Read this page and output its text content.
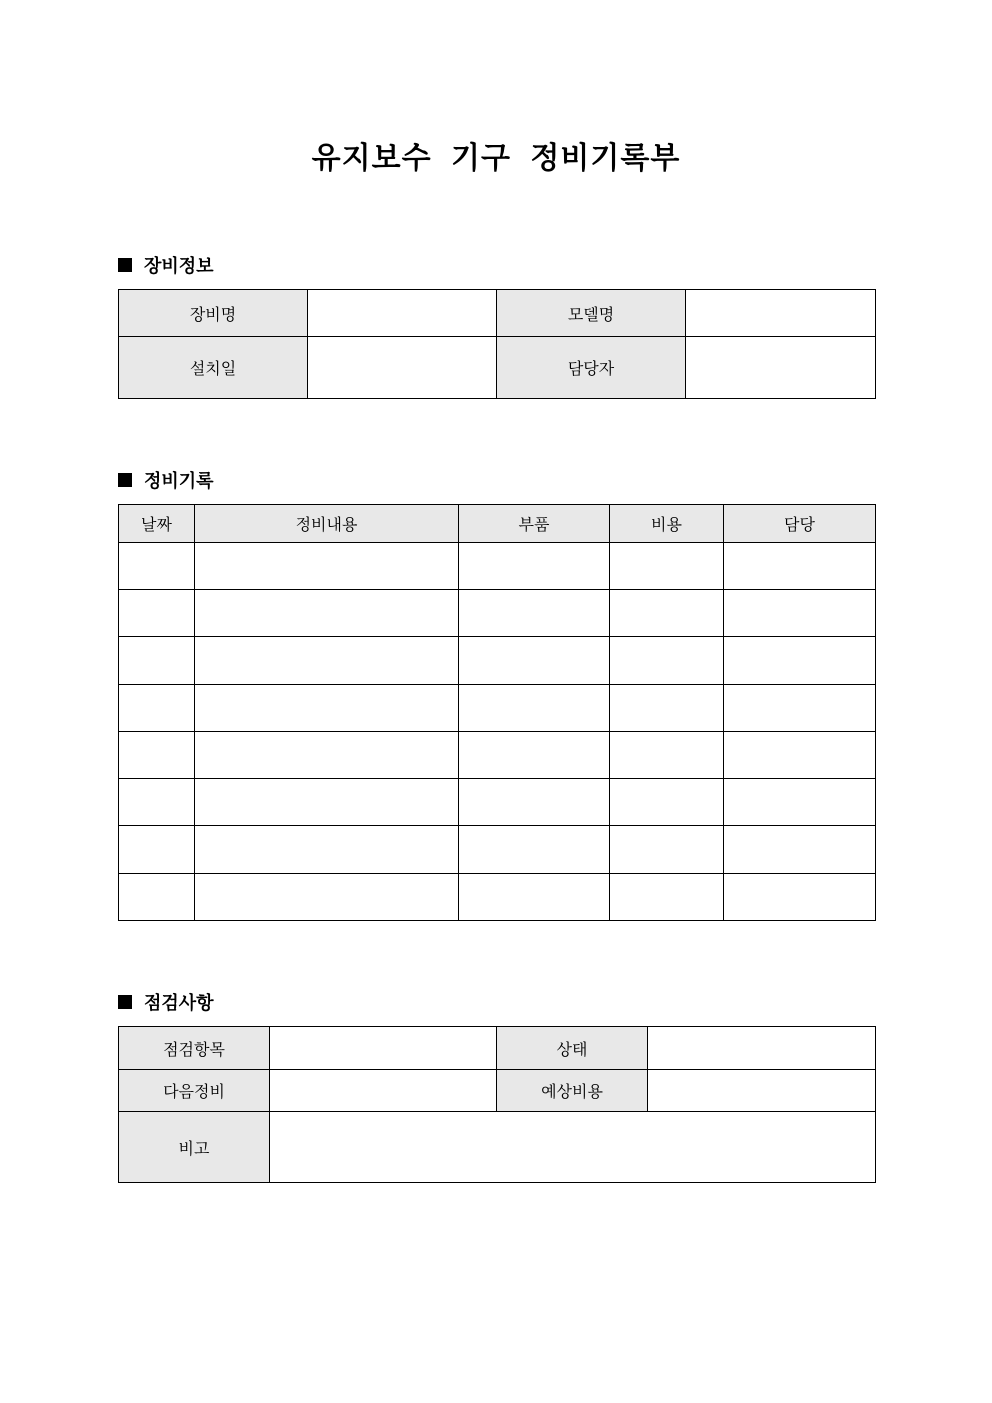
유지보수 기구 정비기록부
장비정보
장비명		모델명	
설치일		담당자	
정비기록
날짜	정비내용	부품	비용	담당

점검사항
점검항목		상태	
다음정비		예상비용	
비고			
